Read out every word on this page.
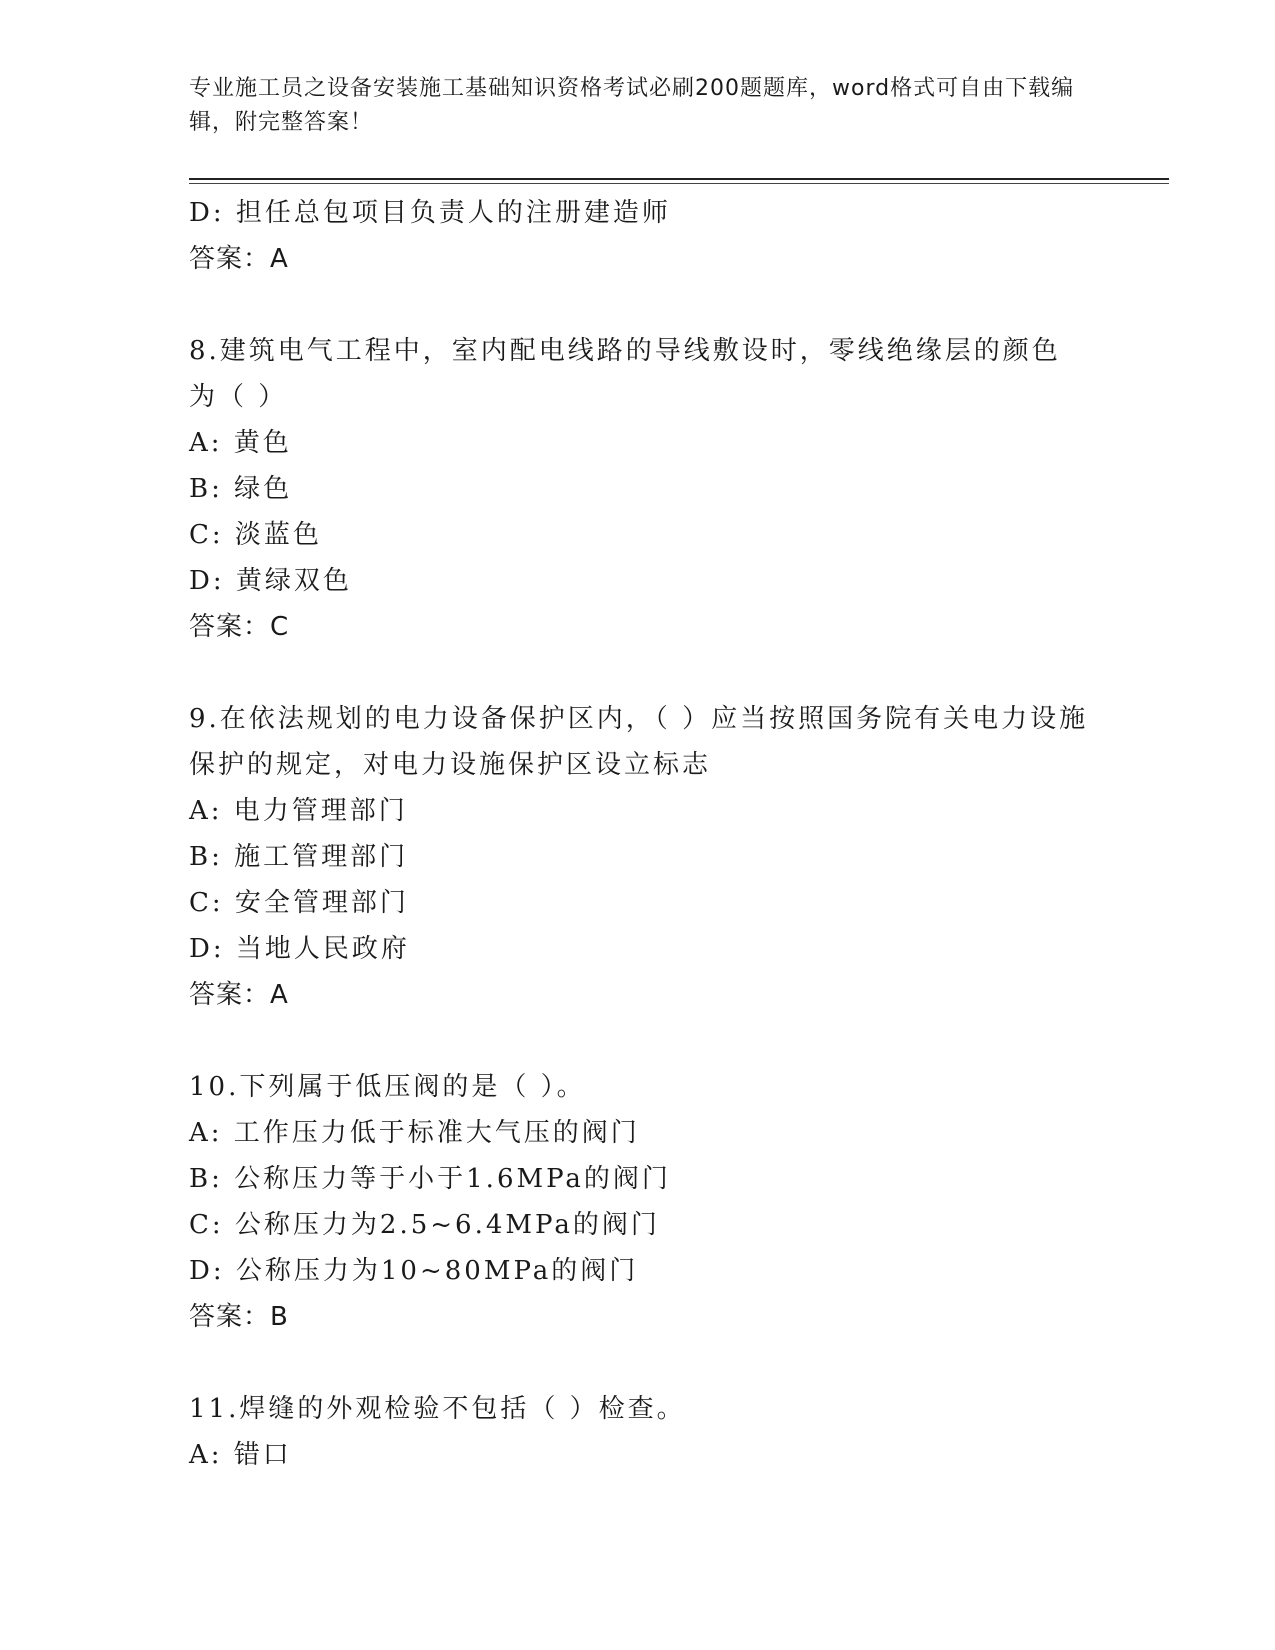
专业施工员之设备安装施工基础知识资格考试必刷200题题库，word格式可自由下载编辑，附完整答案！

D: 担任总包项目负责人的注册建造师
答案：A
8.建筑电气工程中，室内配电线路的导线敷设时，零线绝缘层的颜色为（ ）
A: 黄色
B: 绿色
C: 淡蓝色
D: 黄绿双色
答案：C
9.在依法规划的电力设备保护区内，（ ）应当按照国务院有关电力设施保护的规定，对电力设施保护区设立标志
A: 电力管理部门
B: 施工管理部门
C: 安全管理部门
D: 当地人民政府
答案：A
10.下列属于低压阀的是（ ）。
A: 工作压力低于标准大气压的阀门
B: 公称压力等于小于1.6MPa的阀门
C: 公称压力为2.5~6.4MPa的阀门
D: 公称压力为10~80MPa的阀门
答案：B
11.焊缝的外观检验不包括（ ）检查。
A: 错口
